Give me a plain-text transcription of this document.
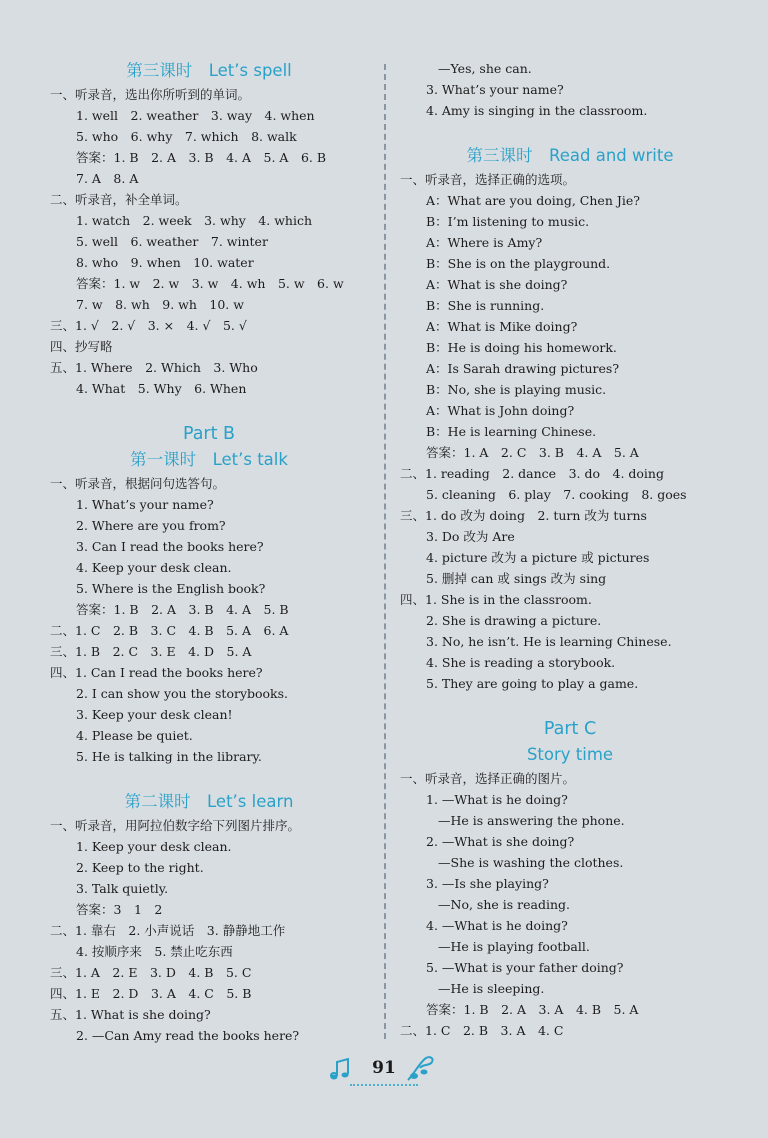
第三课时　Let’s spell
一、听录音，选出你所听到的单词。
1. well　2. weather　3. way　4. when
5. who　6. why　7. which　8. walk
答案：1. B　2. A　3. B　4. A　5. A　6. B
7. A　8. A
二、听录音，补全单词。
1. watch　2. week　3. why　4. which
5. well　6. weather　7. winter
8. who　9. when　10. water
答案：1. w　2. w　3. w　4. wh　5. w　6. w
7. w　8. wh　9. wh　10. w
三、1. √　2. √　3. ×　4. √　5. √
四、抄写略
五、1. Where　2. Which　3. Who
4. What　5. Why　6. When
Part B
第一课时　Let’s talk
一、听录音，根据问句选答句。
1. What’s your name?
2. Where are you from?
3. Can I read the books here?
4. Keep your desk clean.
5. Where is the English book?
答案：1. B　2. A　3. B　4. A　5. B
二、1. C　2. B　3. C　4. B　5. A　6. A
三、1. B　2. C　3. E　4. D　5. A
四、1. Can I read the books here?
2. I can show you the storybooks.
3. Keep your desk clean!
4. Please be quiet.
5. He is talking in the library.
第二课时　Let’s learn
一、听录音，用阿拉伯数字给下列图片排序。
1. Keep your desk clean.
2. Keep to the right.
3. Talk quietly.
答案：3　1　2
二、1. 靠右　2. 小声说话　3. 静静地工作
4. 按顺序来　5. 禁止吃东西
三、1. A　2. E　3. D　4. B　5. C
四、1. E　2. D　3. A　4. C　5. B
五、1. What is she doing?
2. —Can Amy read the books here?
—Yes, she can.
3. What’s your name?
4. Amy is singing in the classroom.
第三课时　Read and write
一、听录音，选择正确的选项。
A：What are you doing, Chen Jie?
B：I’m listening to music.
A：Where is Amy?
B：She is on the playground.
A：What is she doing?
B：She is running.
A：What is Mike doing?
B：He is doing his homework.
A：Is Sarah drawing pictures?
B：No, she is playing music.
A：What is John doing?
B：He is learning Chinese.
答案：1. A　2. C　3. B　4. A　5. A
二、1. reading　2. dance　3. do　4. doing
5. cleaning　6. play　7. cooking　8. goes
三、1. do 改为 doing　2. turn 改为 turns
3. Do 改为 Are
4. picture 改为 a picture 或 pictures
5. 删掉 can 或 sings 改为 sing
四、1. She is in the classroom.
2. She is drawing a picture.
3. No, he isn’t. He is learning Chinese.
4. She is reading a storybook.
5. They are going to play a game.
Part C
Story time
一、听录音，选择正确的图片。
1. —What is he doing?
—He is answering the phone.
2. —What is she doing?
—She is washing the clothes.
3. —Is she playing?
—No, she is reading.
4. —What is he doing?
—He is playing football.
5. —What is your father doing?
—He is sleeping.
答案：1. B　2. A　3. A　4. B　5. A
二、1. C　2. B　3. A　4. C
91
